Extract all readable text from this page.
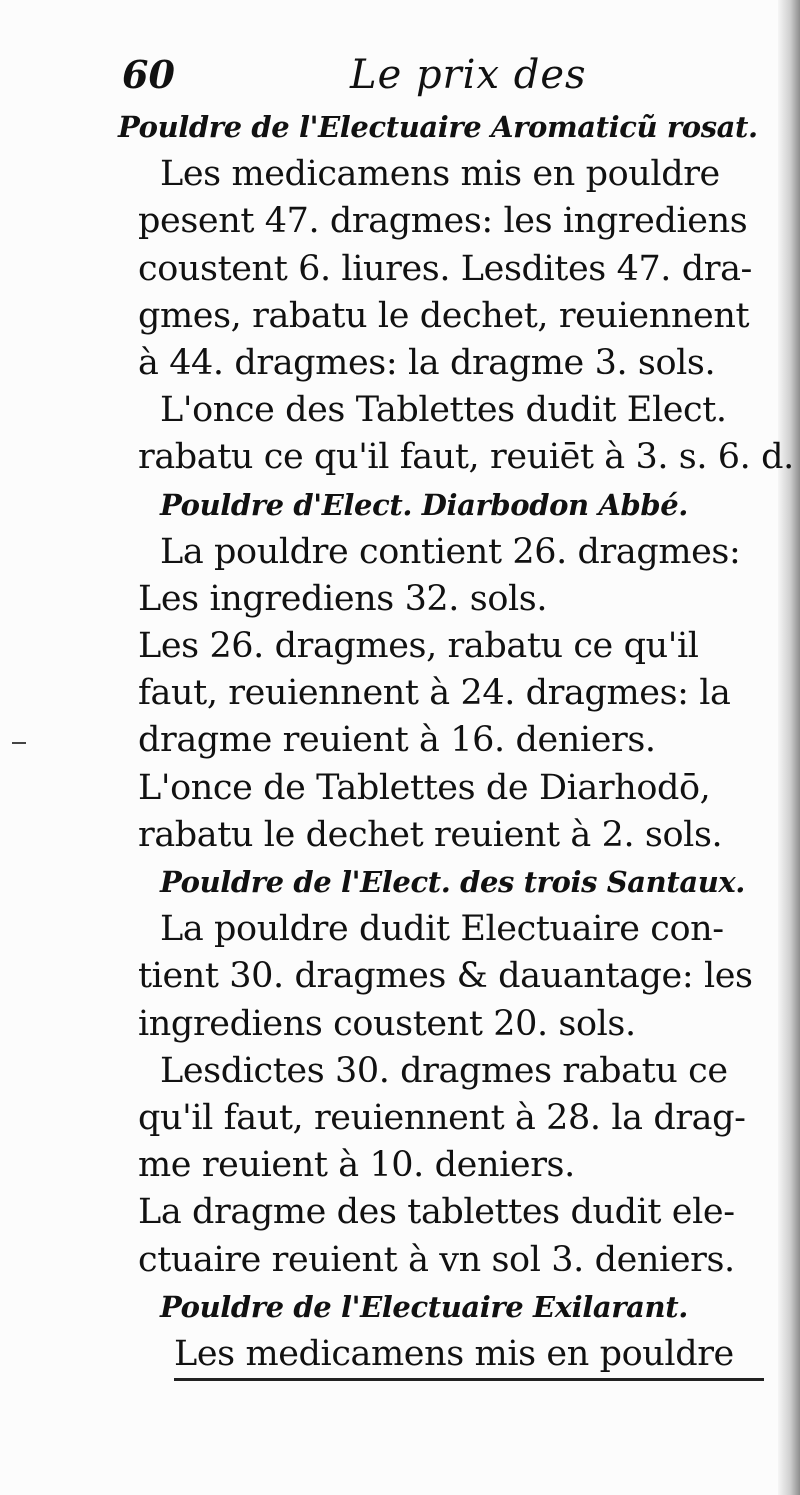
60	Le prix des
Pouldre de l'Electuaire Aromaticũ rosat.
Les medicamens mis en pouldre
pesent 47. dragmes: les ingrediens
coustent 6. liures. Lesdites 47. dra-
gmes, rabatu le dechet, reuiennent
à 44. dragmes: la dragme 3. sols.
L'once des Tablettes dudit Elect.
rabatu ce qu'il faut, reuiēt à 3. s. 6. d.
Pouldre d'Elect. Diarbodon Abbé.
La pouldre contient 26. dragmes:
Les ingrediens 32. sols.
Les 26. dragmes, rabatu ce qu'il
faut, reuiennent à 24. dragmes: la
dragme reuient à 16. deniers.
L'once de Tablettes de Diarhodō,
rabatu le dechet reuient à 2. sols.
Pouldre de l'Elect. des trois Santaux.
La pouldre dudit Electuaire con-
tient 30. dragmes & dauantage: les
ingrediens coustent 20. sols.
Lesdictes 30. dragmes rabatu ce
qu'il faut, reuiennent à 28. la drag-
me reuient à 10. deniers.
La dragme des tablettes dudit ele-
ctuaire reuient à vn sol 3. deniers.
Pouldre de l'Electuaire Exilarant.
Les medicamens mis en pouldre
